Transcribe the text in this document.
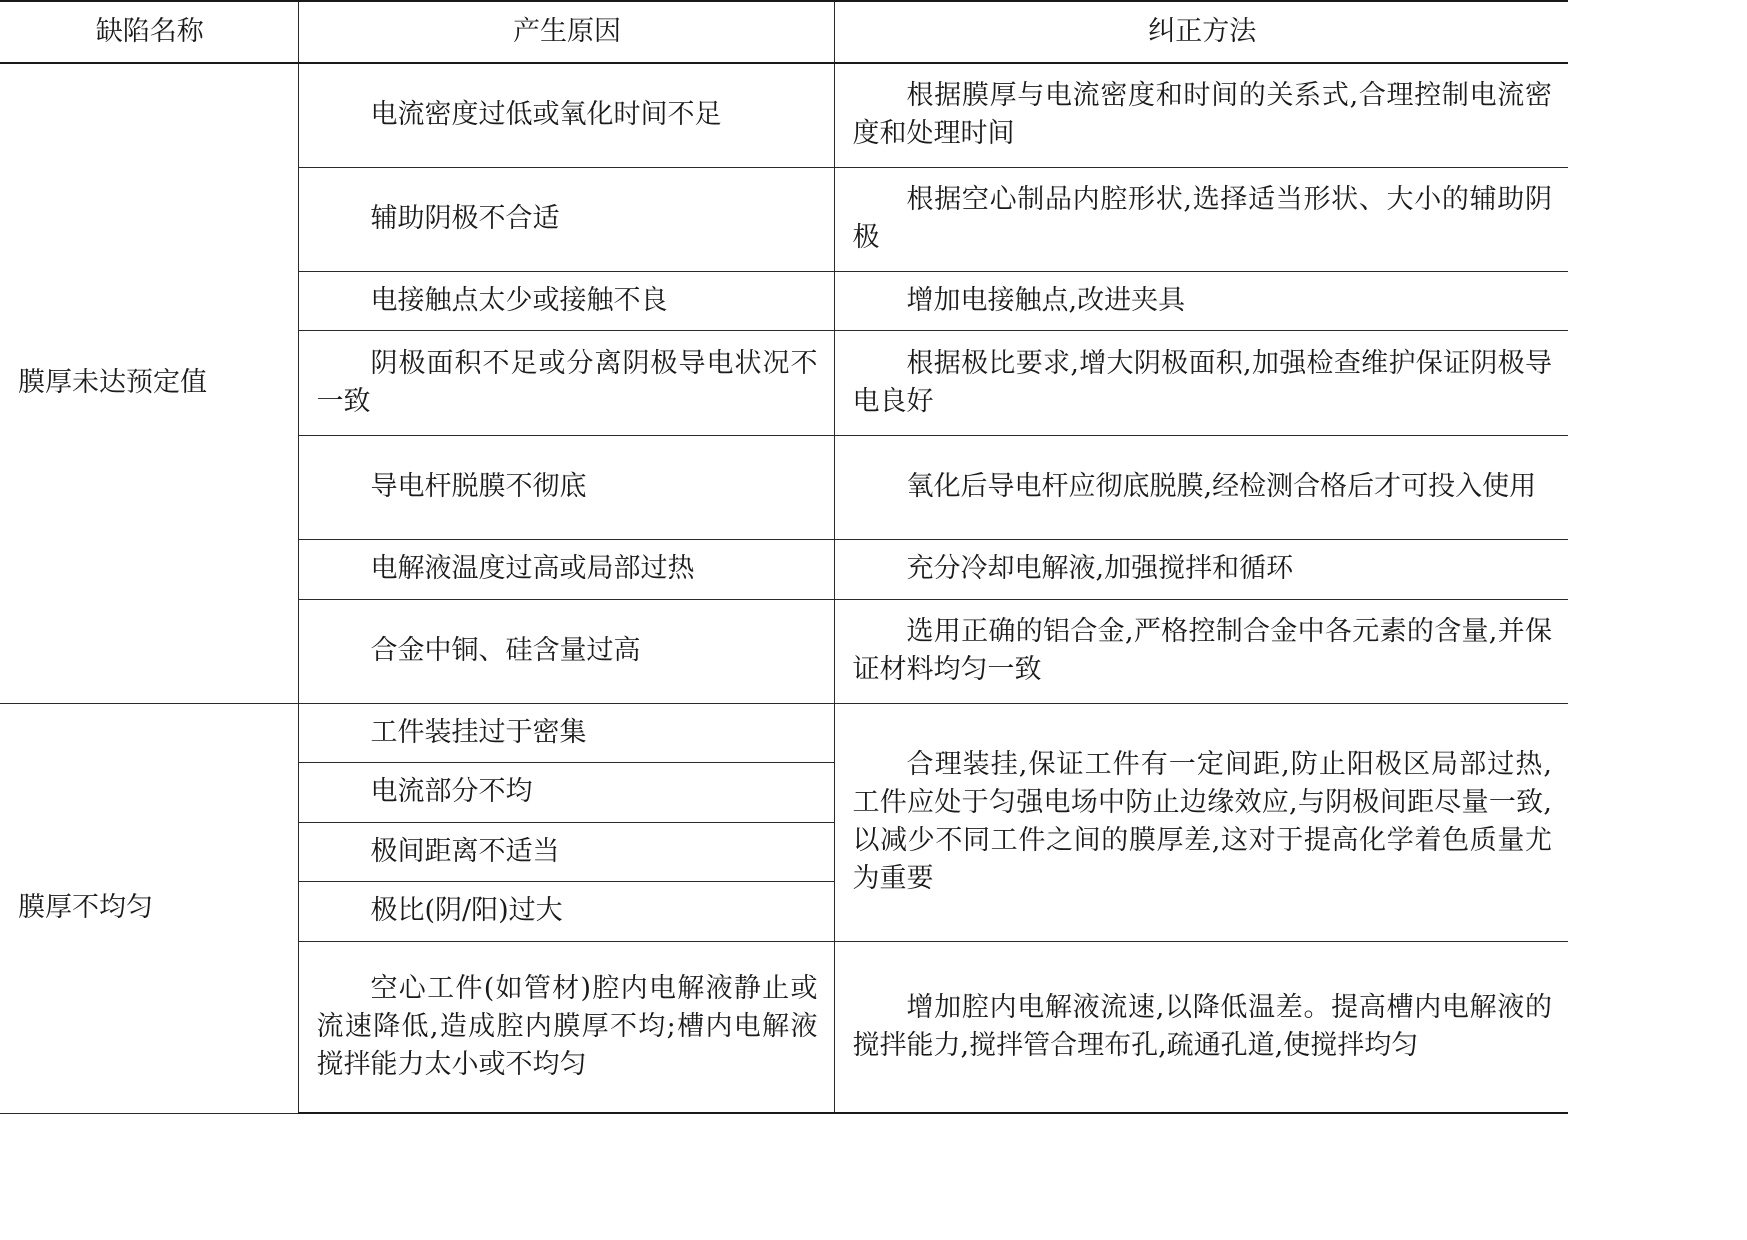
缺陷名称	产生原因	纠正方法
膜厚未达预定值	电流密度过低或氧化时间不足	根据膜厚与电流密度和时间的关系式,合理控制电流密度和处理时间
	辅助阴极不合适	根据空心制品内腔形状,选择适当形状、大小的辅助阴极
	电接触点太少或接触不良	增加电接触点,改进夹具
	阴极面积不足或分离阴极导电状况不一致	根据极比要求,增大阴极面积,加强检查维护保证阴极导电良好
	导电杆脱膜不彻底	氧化后导电杆应彻底脱膜,经检测合格后才可投入使用
	电解液温度过高或局部过热	充分冷却电解液,加强搅拌和循环
	合金中铜、硅含量过高	选用正确的铝合金,严格控制合金中各元素的含量,并保证材料均匀一致
膜厚不均匀	工件装挂过于密集	合理装挂,保证工件有一定间距,防止阳极区局部过热,工件应处于匀强电场中防止边缘效应,与阴极间距尽量一致,以减少不同工件之间的膜厚差,这对于提高化学着色质量尤为重要
	电流部分不均	
	极间距离不适当	
	极比(阴/阳)过大	
	空心工件(如管材)腔内电解液静止或流速降低,造成腔内膜厚不均;槽内电解液搅拌能力太小或不均匀	增加腔内电解液流速,以降低温差。提高槽内电解液的搅拌能力,搅拌管合理布孔,疏通孔道,使搅拌均匀
